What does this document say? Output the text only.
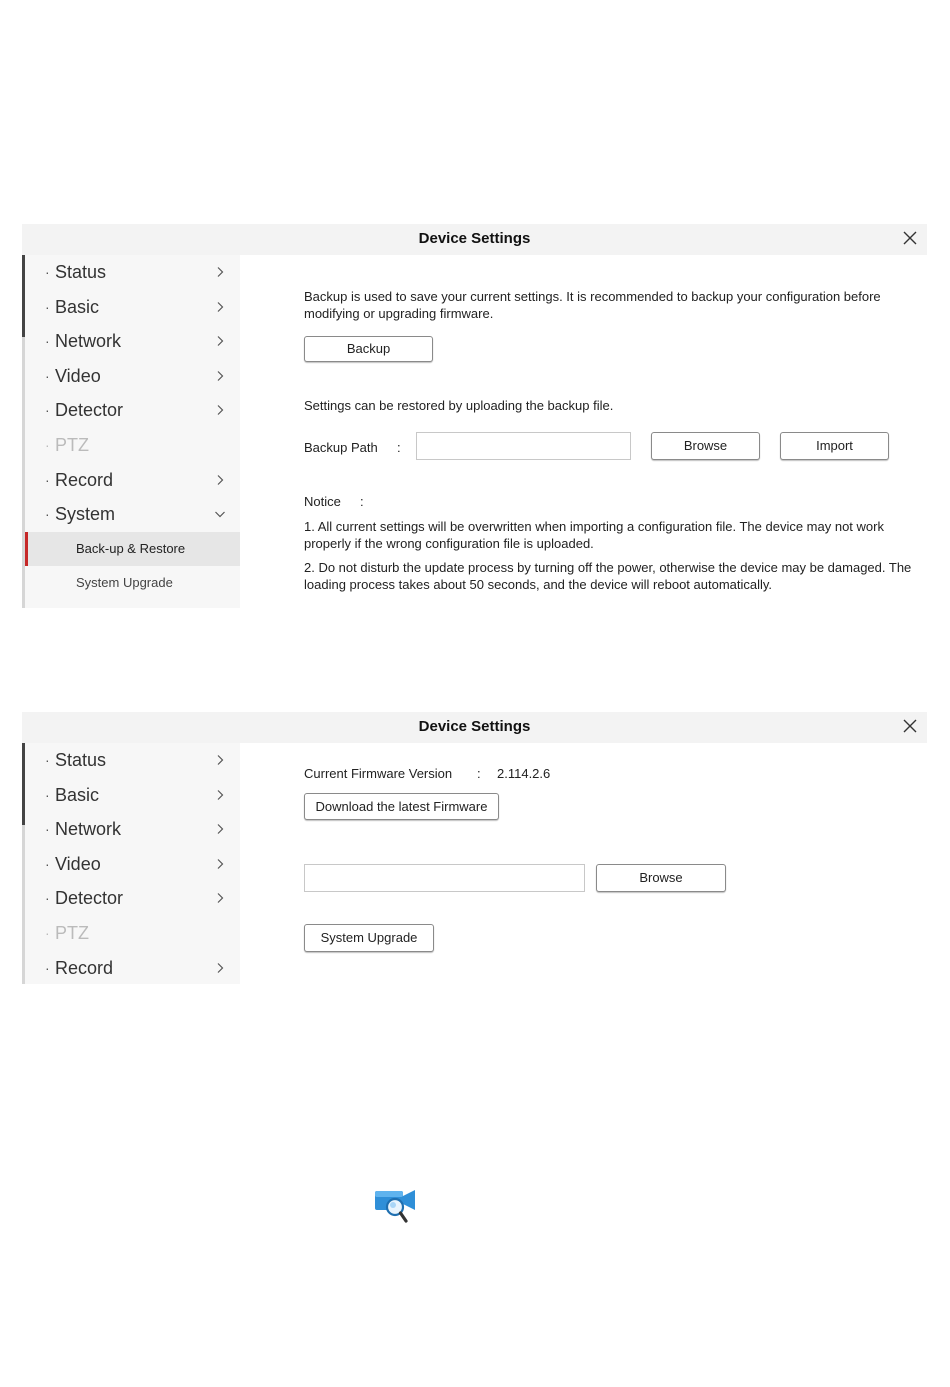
Device Settings
· Status
· Basic
· Network
· Video
· Detector
· PTZ
· Record
· System
Back-up & Restore
System Upgrade
Backup is used to save your current settings. It is recommended to backup your configuration before modifying or upgrading firmware.
Backup
Settings can be restored by uploading the backup file.
Backup Path :	Browse	Import
Notice :
1. All current settings will be overwritten when importing a configuration file. The device may not work properly if the wrong configuration file is uploaded.
2. Do not disturb the update process by turning off the power, otherwise the device may be damaged. The loading process takes about 50 seconds, and the device will reboot automatically.
Device Settings
· Status
· Basic
· Network
· Video
· Detector
· PTZ
· Record
Current Firmware Version : 2.114.2.6
Download the latest Firmware
Browse
System Upgrade
